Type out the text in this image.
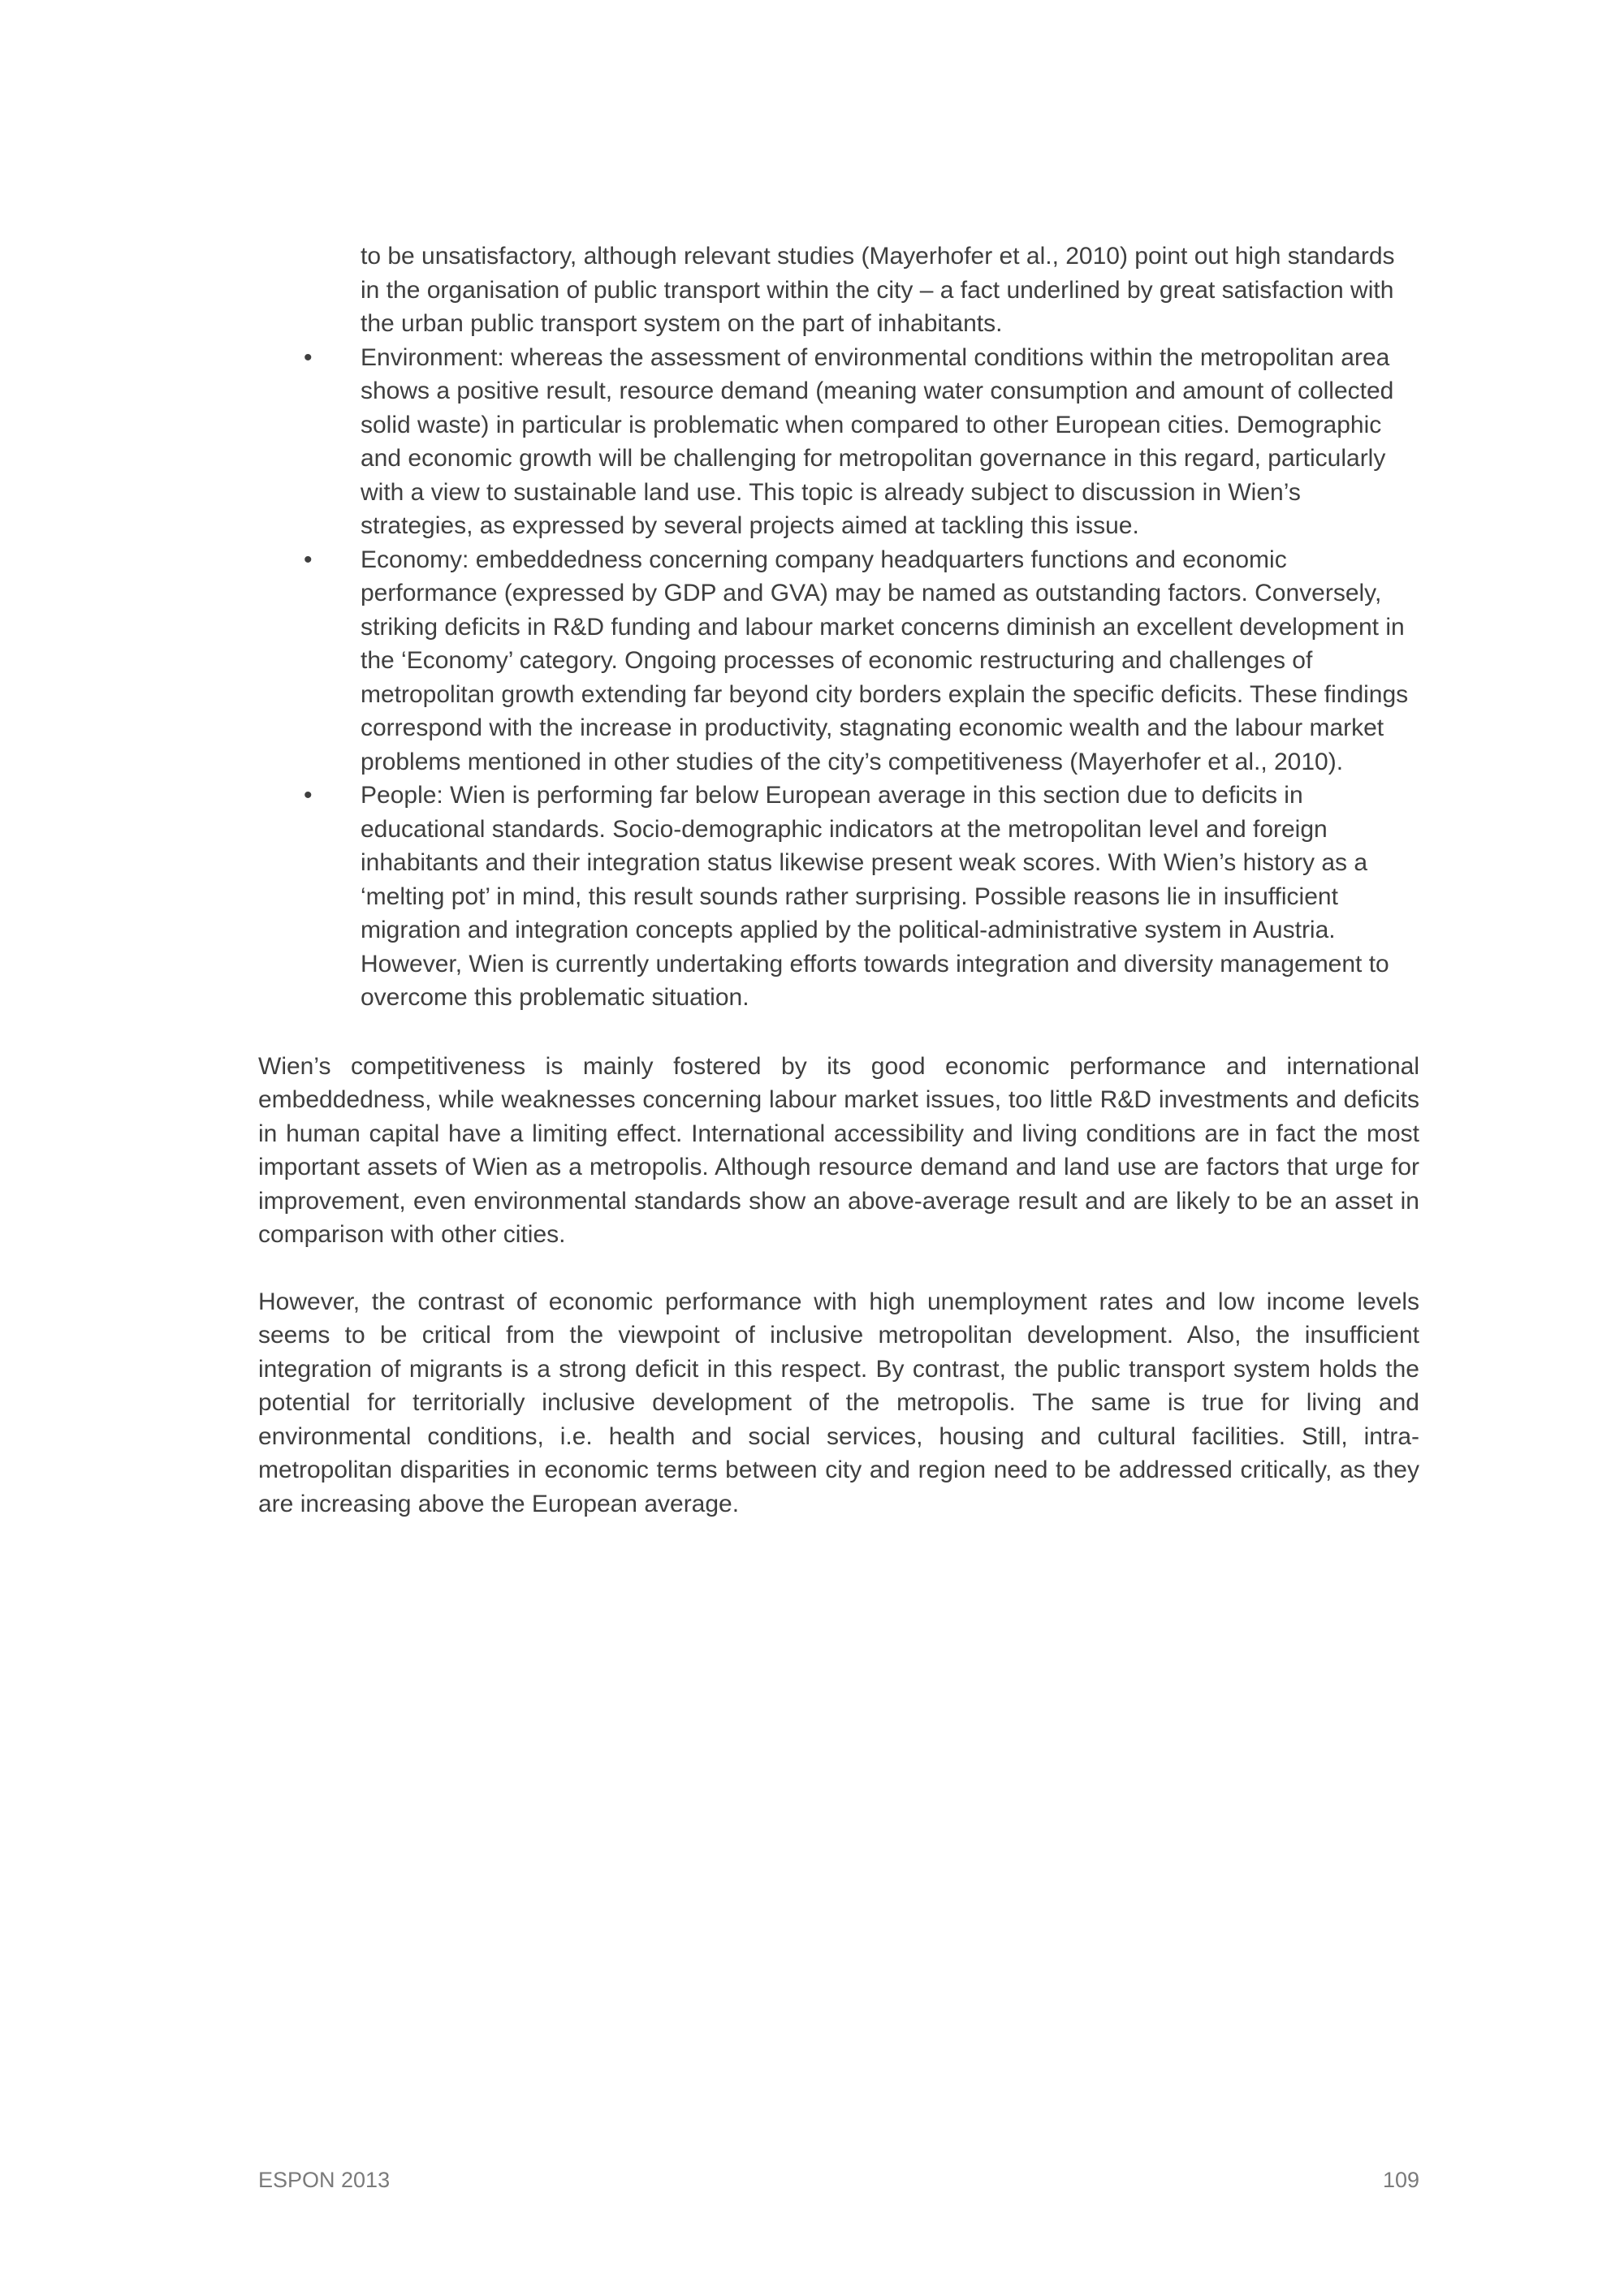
to be unsatisfactory, although relevant studies (Mayerhofer et al., 2010) point out high standards in the organisation of public transport within the city – a fact underlined by great satisfaction with the urban public transport system on the part of inhabitants.
• Environment: whereas the assessment of environmental conditions within the metropolitan area shows a positive result, resource demand (meaning water consumption and amount of collected solid waste) in particular is problematic when compared to other European cities. Demographic and economic growth will be challenging for metropolitan governance in this regard, particularly with a view to sustainable land use. This topic is already subject to discussion in Wien’s strategies, as expressed by several projects aimed at tackling this issue.
• Economy: embeddedness concerning company headquarters functions and economic performance (expressed by GDP and GVA) may be named as outstanding factors. Conversely, striking deficits in R&D funding and labour market concerns diminish an excellent development in the ‘Economy’ category. Ongoing processes of economic restructuring and challenges of metropolitan growth extending far beyond city borders explain the specific deficits. These findings correspond with the increase in productivity, stagnating economic wealth and the labour market problems mentioned in other studies of the city’s competitiveness (Mayerhofer et al., 2010).
• People: Wien is performing far below European average in this section due to deficits in educational standards. Socio-demographic indicators at the metropolitan level and foreign inhabitants and their integration status likewise present weak scores. With Wien’s history as a ‘melting pot’ in mind, this result sounds rather surprising. Possible reasons lie in insufficient migration and integration concepts applied by the political-administrative system in Austria. However, Wien is currently undertaking efforts towards integration and diversity management to overcome this problematic situation.

Wien’s competitiveness is mainly fostered by its good economic performance and international embeddedness, while weaknesses concerning labour market issues, too little R&D investments and deficits in human capital have a limiting effect. International accessibility and living conditions are in fact the most important assets of Wien as a metropolis. Although resource demand and land use are factors that urge for improvement, even environmental standards show an above-average result and are likely to be an asset in comparison with other cities.

However, the contrast of economic performance with high unemployment rates and low income levels seems to be critical from the viewpoint of inclusive metropolitan development. Also, the insufficient integration of migrants is a strong deficit in this respect. By contrast, the public transport system holds the potential for territorially inclusive development of the metropolis. The same is true for living and environmental conditions, i.e. health and social services, housing and cultural facilities. Still, intra-metropolitan disparities in economic terms between city and region need to be addressed critically, as they are increasing above the European average.

ESPON 2013	109
